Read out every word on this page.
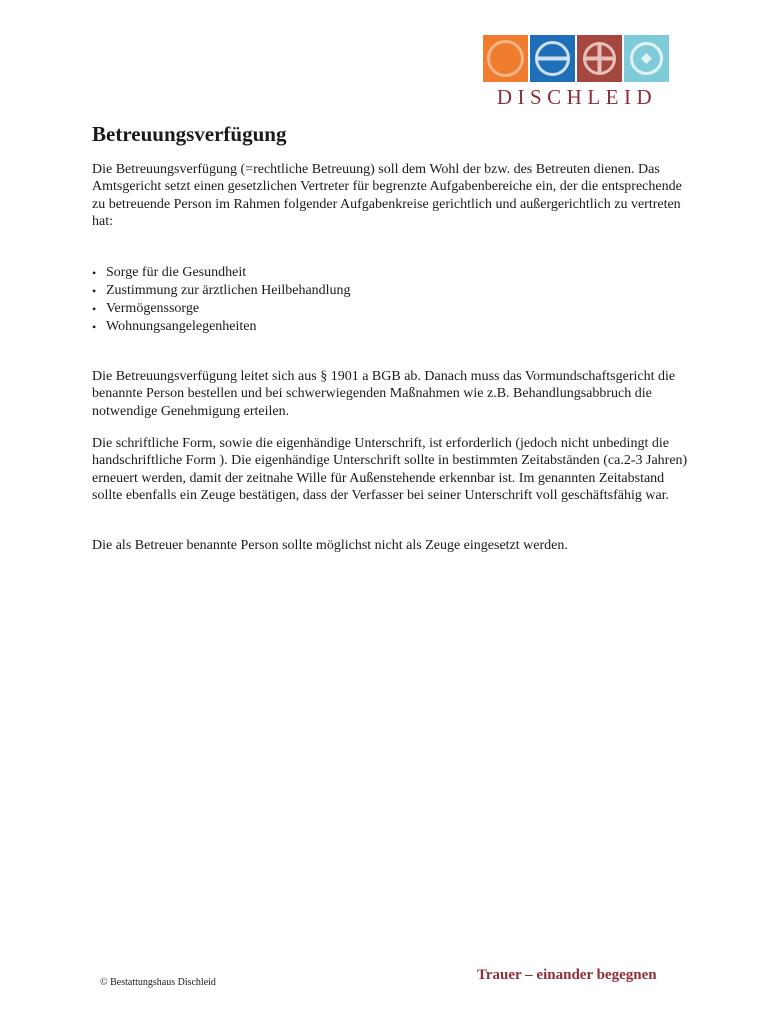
DISCHLEID
Betreuungsverfügung

Die Betreuungsverfügung (=rechtliche Betreuung) soll dem Wohl der bzw. des Betreuten dienen. Das Amtsgericht setzt einen gesetzlichen Vertreter für begrenzte Aufgabenbereiche ein, der die entsprechende zu betreuende Person im Rahmen folgender Aufgabenkreise gerichtlich und außergerichtlich zu vertreten hat:

• Sorge für die Gesundheit
• Zustimmung zur ärztlichen Heilbehandlung
• Vermögenssorge
• Wohnungsangelegenheiten

Die Betreuungsverfügung leitet sich aus § 1901 a BGB ab. Danach muss das Vormundschaftsgericht die benannte Person bestellen und bei schwerwiegenden Maßnahmen wie z.B. Behandlungsabbruch die notwendige Genehmigung erteilen.

Die schriftliche Form, sowie die eigenhändige Unterschrift, ist erforderlich (jedoch nicht unbedingt die handschriftliche Form ). Die eigenhändige Unterschrift sollte in bestimmten Zeitabständen (ca.2-3 Jahren) erneuert werden, damit der zeitnahe Wille für Außenstehende erkennbar ist. Im genannten Zeitabstand sollte ebenfalls ein Zeuge bestätigen, dass der Verfasser bei seiner Unterschrift voll geschäftsfähig war.

Die als Betreuer benannte Person sollte möglichst nicht als Zeuge eingesetzt werden.

© Bestattungshaus Dischleid	Trauer – einander begegnen
